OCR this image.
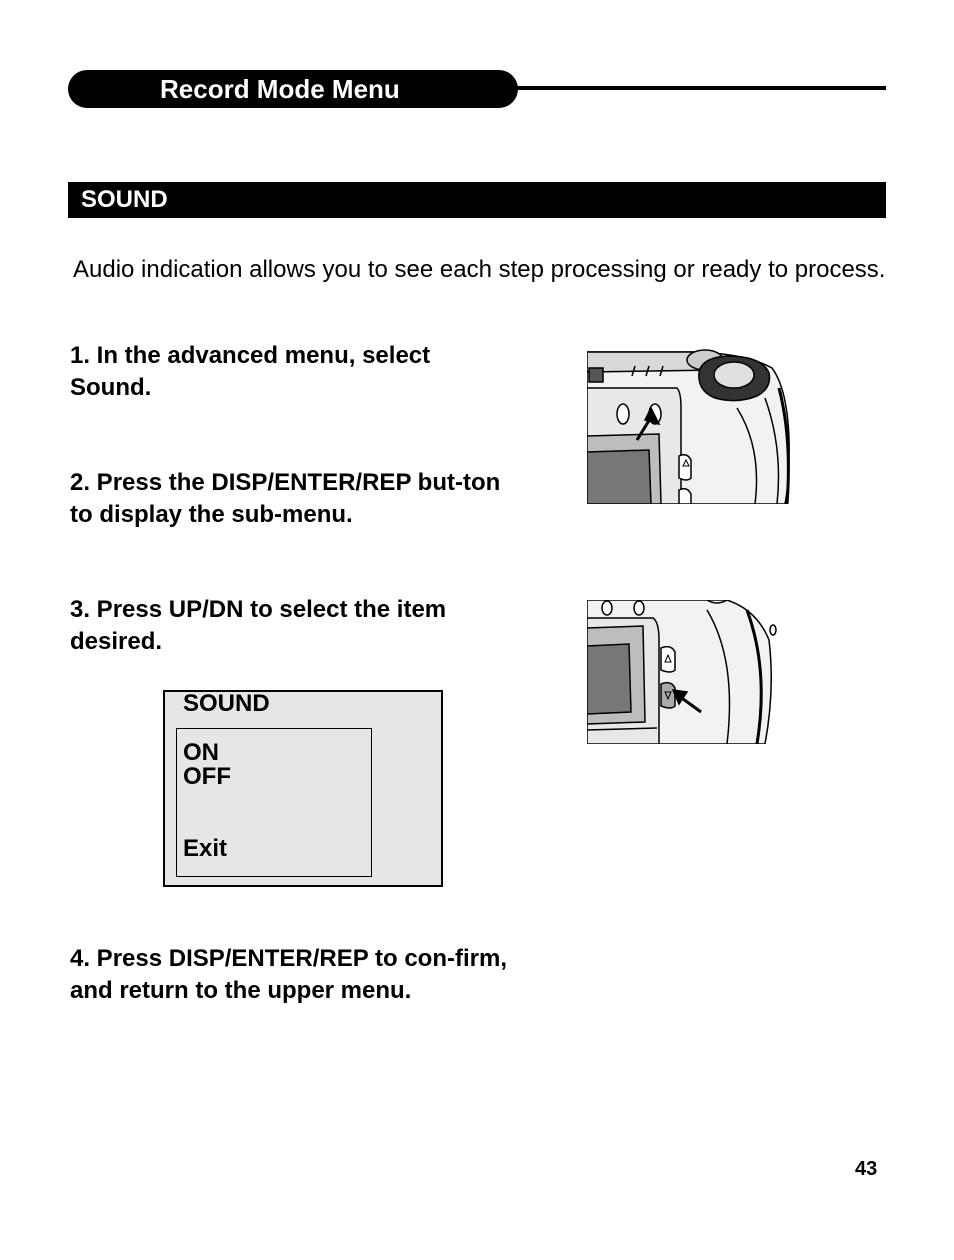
Record Mode Menu
SOUND
Audio indication allows you to see each step processing or ready to process.
1. In the advanced menu, select Sound.
2. Press the DISP/ENTER/REP but-ton to display the sub-menu.
3. Press UP/DN to select the item desired.
4. Press DISP/ENTER/REP to con-firm, and return to the upper menu.
SOUND
ON
OFF
Exit
43
